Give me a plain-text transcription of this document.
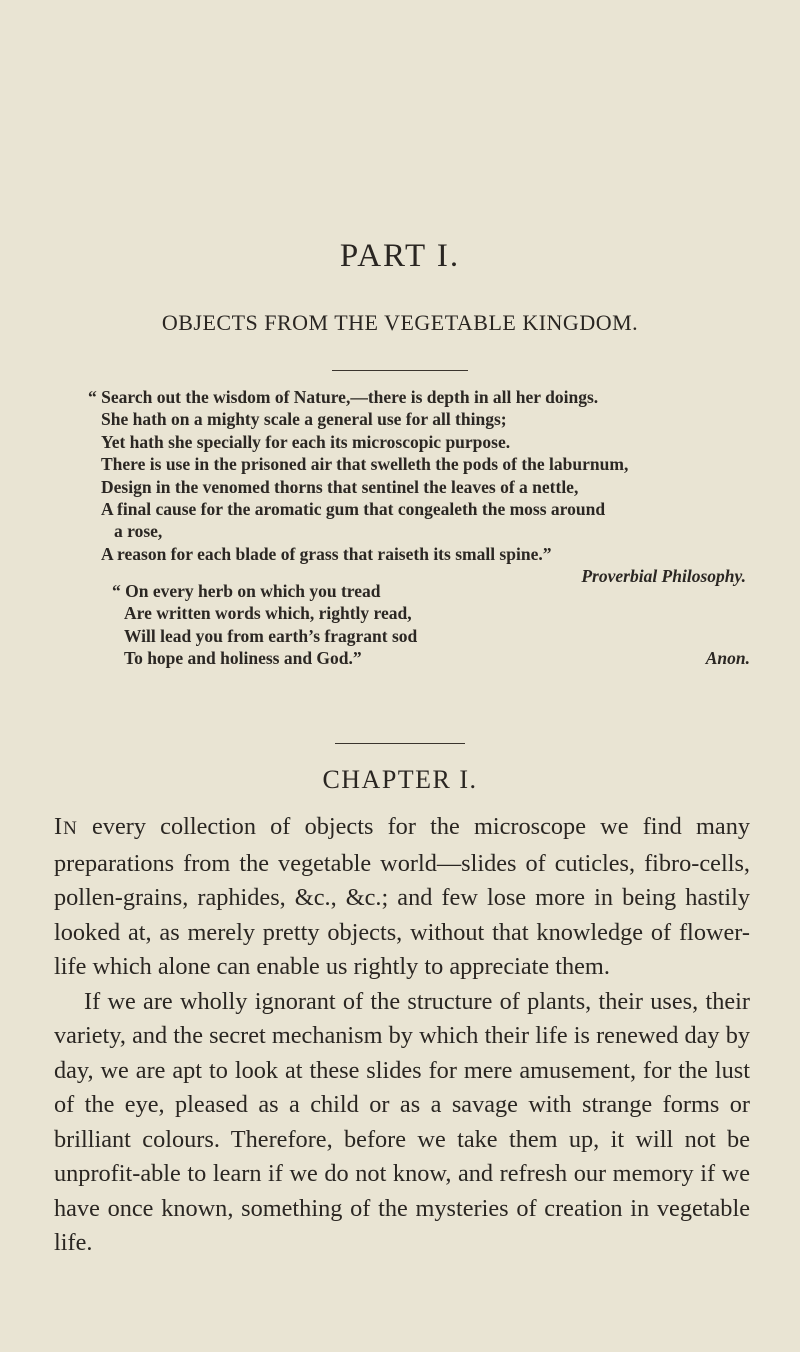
PART I.
OBJECTS FROM THE VEGETABLE KINGDOM.
“ Search out the wisdom of Nature,—there is depth in all her doings.
She hath on a mighty scale a general use for all things;
Yet hath she specially for each its microscopic purpose.
There is use in the prisoned air that swelleth the pods of the laburnum,
Design in the venomed thorns that sentinel the leaves of a nettle,
A final cause for the aromatic gum that congealeth the moss around
a rose,
A reason for each blade of grass that raiseth its small spine.”
Proverbial Philosophy.
“ On every herb on which you tread
Are written words which, rightly read,
Will lead you from earth’s fragrant sod
To hope and holiness and God.”	Anon.
CHAPTER I.

IN every collection of objects for the microscope we find many preparations from the vegetable world—slides of cuticles, fibro-cells, pollen-grains, raphides, &c., &c.; and few lose more in being hastily looked at, as merely pretty objects, without that knowledge of flower-life which alone can enable us rightly to appreciate them.

If we are wholly ignorant of the structure of plants, their uses, their variety, and the secret mechanism by which their life is renewed day by day, we are apt to look at these slides for mere amusement, for the lust of the eye, pleased as a child or as a savage with strange forms or brilliant colours. Therefore, before we take them up, it will not be unprofit-able to learn if we do not know, and refresh our memory if we have once known, something of the mysteries of creation in vegetable life.
